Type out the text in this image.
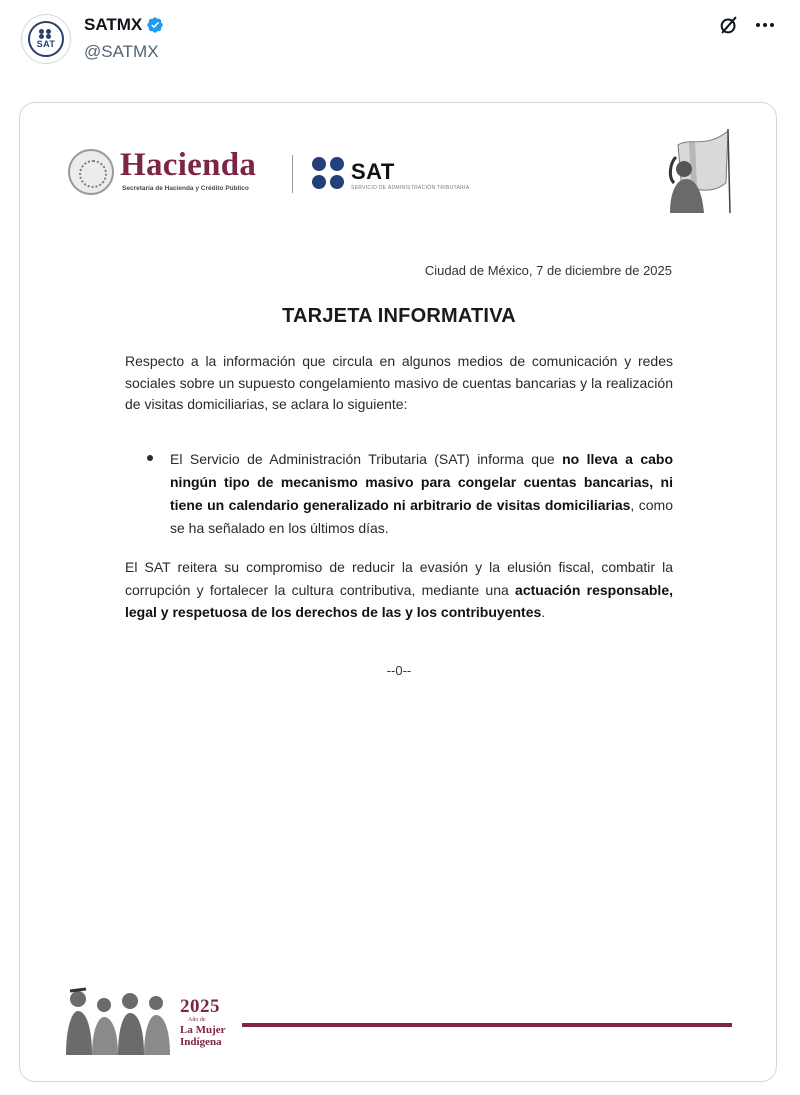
SAT
SATMX
@SATMX
Hacienda
Secretaría de Hacienda y Crédito Público
SAT
SERVICIO DE ADMINISTRACIÓN TRIBUTARIA
Ciudad de México, 7 de diciembre de 2025
TARJETA INFORMATIVA
Respecto a la información que circula en algunos medios de comunicación y redes sociales sobre un supuesto congelamiento masivo de cuentas bancarias y la realización de visitas domiciliarias, se aclara lo siguiente:
El Servicio de Administración Tributaria (SAT) informa que no lleva a cabo ningún tipo de mecanismo masivo para congelar cuentas bancarias, ni tiene un calendario generalizado ni arbitrario de visitas domiciliarias, como se ha señalado en los últimos días.
El SAT reitera su compromiso de reducir la evasión y la elusión fiscal, combatir la corrupción y fortalecer la cultura contributiva, mediante una actuación responsable, legal y respetuosa de los derechos de las y los contribuyentes.
--0--
2025
Año de
La Mujer
Indígena
